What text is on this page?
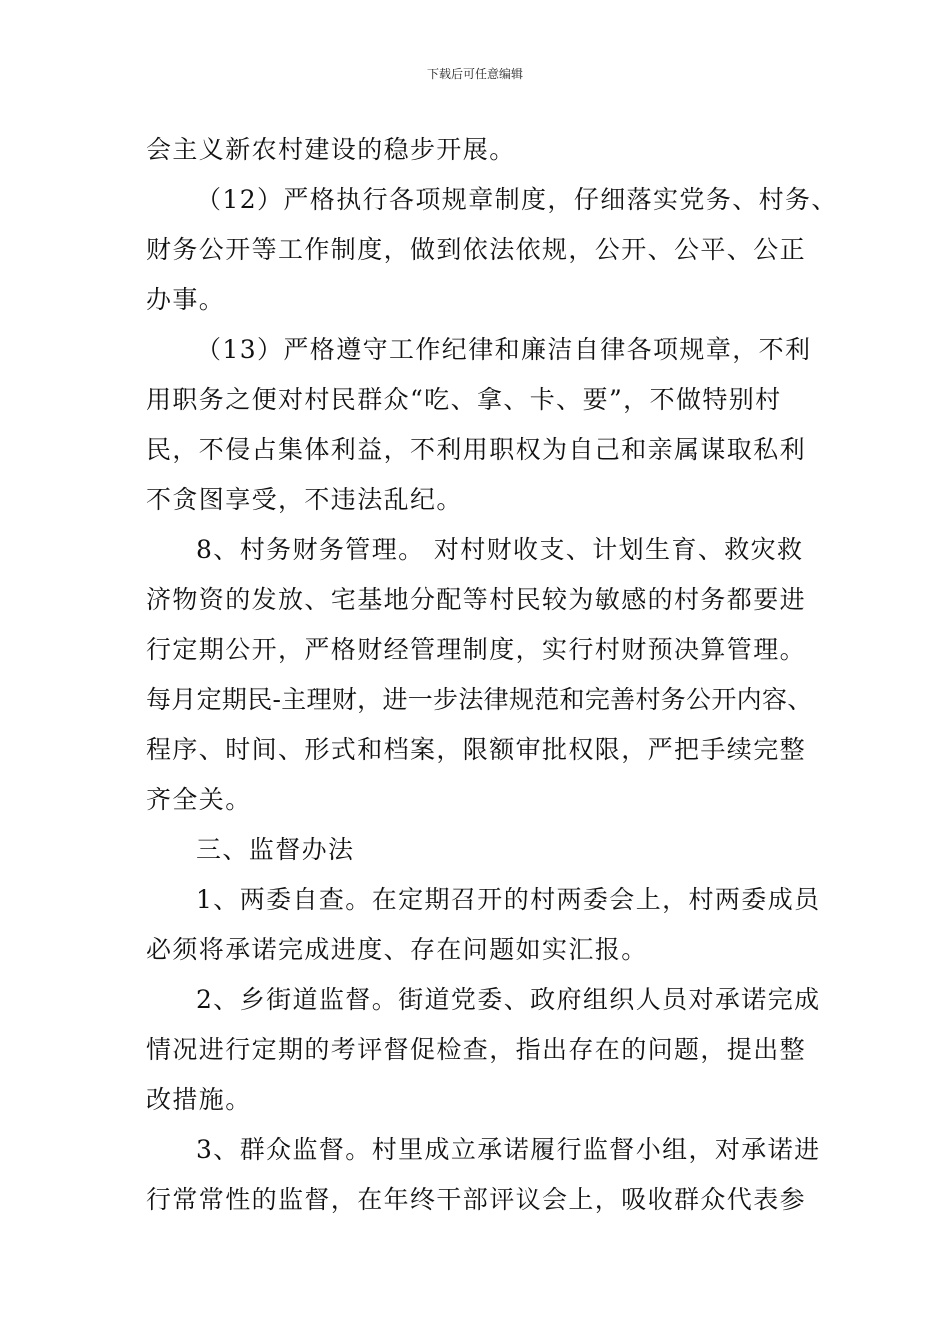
下载后可任意编辑
会主义新农村建设的稳步开展。
（12）严格执行各项规章制度，仔细落实党务、村务、
财务公开等工作制度，做到依法依规，公开、公平、公正
办事。
（13）严格遵守工作纪律和廉洁自律各项规章，不利
用职务之便对村民群众“吃、拿、卡、要”，不做特别村
民，不侵占集体利益，不利用职权为自己和亲属谋取私利
不贪图享受，不违法乱纪。
8、村务财务管理。 对村财收支、计划生育、救灾救
济物资的发放、宅基地分配等村民较为敏感的村务都要进
行定期公开，严格财经管理制度，实行村财预决算管理。
每月定期民-主理财，进一步法律规范和完善村务公开内容、
程序、时间、形式和档案，限额审批权限，严把手续完整
齐全关。
三、监督办法
1、两委自查。在定期召开的村两委会上，村两委成员
必须将承诺完成进度、存在问题如实汇报。
2、乡街道监督。街道党委、政府组织人员对承诺完成
情况进行定期的考评督促检查，指出存在的问题，提出整
改措施。
3、群众监督。村里成立承诺履行监督小组，对承诺进
行常常性的监督，在年终干部评议会上，吸收群众代表参
